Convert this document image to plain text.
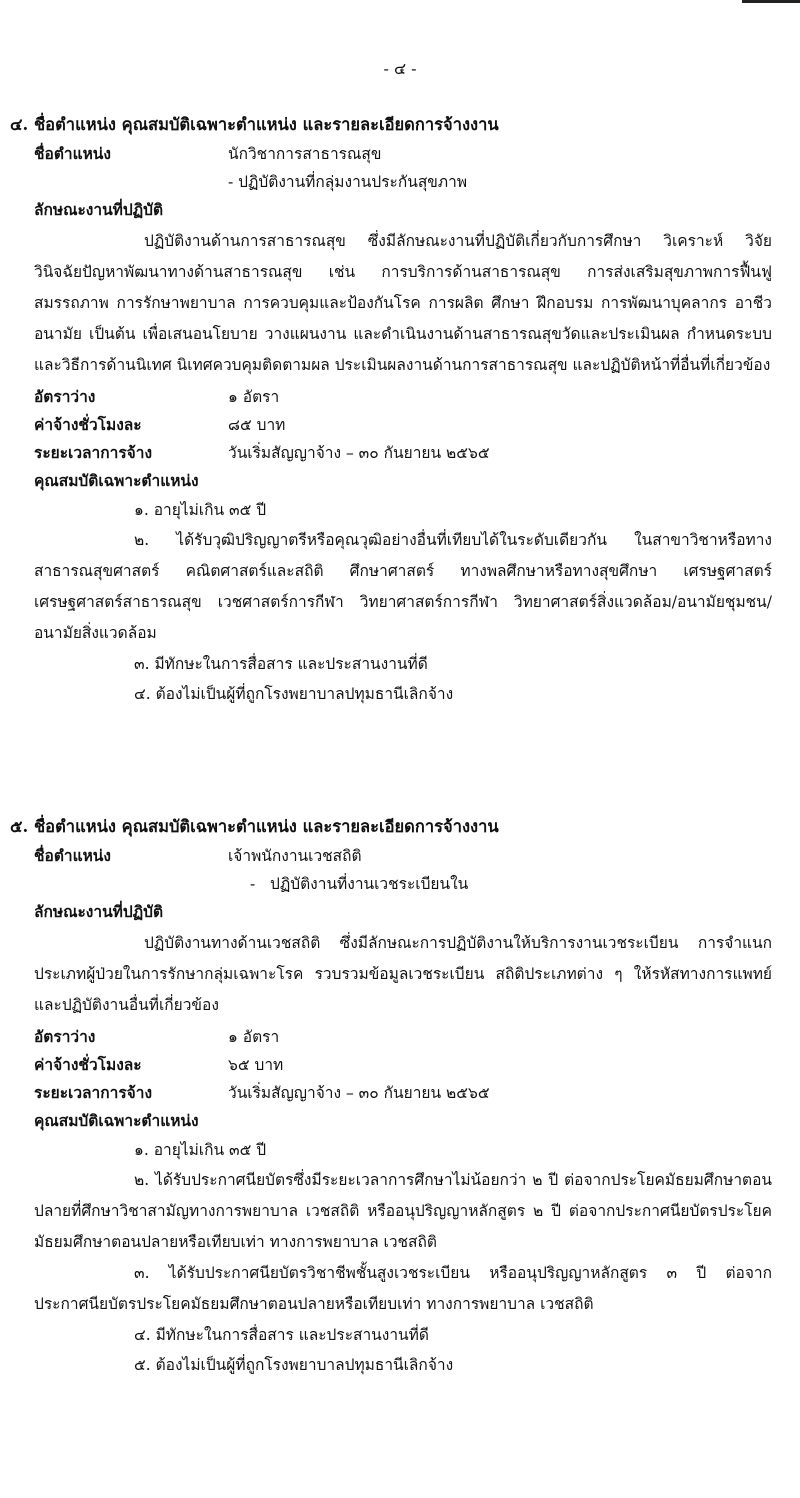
- ๔ -
๔. ชื่อตำแหน่ง คุณสมบัติเฉพาะตำแหน่ง และรายละเอียดการจ้างงาน
ชื่อตำแหน่ง	นักวิชาการสาธารณสุข
- ปฏิบัติงานที่กลุ่มงานประกันสุขภาพ
ลักษณะงานที่ปฏิบัติ
ปฏิบัติงานด้านการสาธารณสุข ซึ่งมีลักษณะงานที่ปฏิบัติเกี่ยวกับการศึกษา วิเคราะห์ วิจัย วินิจฉัยปัญหาพัฒนาทางด้านสาธารณสุข เช่น การบริการด้านสาธารณสุข การส่งเสริมสุขภาพการฟื้นฟูสมรรถภาพ การรักษาพยาบาล การควบคุมและป้องกันโรค การผลิต ศึกษา ฝึกอบรม การพัฒนาบุคลากร อาชีวอนามัย เป็นต้น เพื่อเสนอนโยบาย วางแผนงาน และดำเนินงานด้านสาธารณสุขวัดและประเมินผล กำหนดระบบและวิธีการด้านนิเทศ นิเทศควบคุมติดตามผล ประเมินผลงานด้านการสาธารณสุข และปฏิบัติหน้าที่อื่นที่เกี่ยวข้อง
อัตราว่าง	๑ อัตรา
ค่าจ้างชั่วโมงละ	๘๕ บาท
ระยะเวลาการจ้าง	วันเริ่มสัญญาจ้าง – ๓๐ กันยายน ๒๕๖๕
คุณสมบัติเฉพาะตำแหน่ง
๑. อายุไม่เกิน ๓๕ ปี
๒. ได้รับวุฒิปริญญาตรีหรือคุณวุฒิอย่างอื่นที่เทียบได้ในระดับเดียวกัน ในสาขาวิชาหรือทางสาธารณสุขศาสตร์ คณิตศาสตร์และสถิติ ศึกษาศาสตร์ ทางพลศึกษาหรือทางสุขศึกษา เศรษฐศาสตร์ เศรษฐศาสตร์สาธารณสุข เวชศาสตร์การกีฬา วิทยาศาสตร์การกีฬา วิทยาศาสตร์สิ่งแวดล้อม/อนามัยชุมชน/อนามัยสิ่งแวดล้อม
๓. มีทักษะในการสื่อสาร และประสานงานที่ดี
๔. ต้องไม่เป็นผู้ที่ถูกโรงพยาบาลปทุมธานีเลิกจ้าง
๕. ชื่อตำแหน่ง คุณสมบัติเฉพาะตำแหน่ง และรายละเอียดการจ้างงาน
ชื่อตำแหน่ง	เจ้าพนักงานเวชสถิติ
-   ปฏิบัติงานที่งานเวชระเบียนใน
ลักษณะงานที่ปฏิบัติ
ปฏิบัติงานทางด้านเวชสถิติ ซึ่งมีลักษณะการปฏิบัติงานให้บริการงานเวชระเบียน การจำแนก ประเภทผู้ป่วยในการรักษากลุ่มเฉพาะโรค รวบรวมข้อมูลเวชระเบียน สถิติประเภทต่าง ๆ ให้รหัสทางการแพทย์ และปฏิบัติงานอื่นที่เกี่ยวข้อง
อัตราว่าง	๑ อัตรา
ค่าจ้างชั่วโมงละ	๖๕ บาท
ระยะเวลาการจ้าง	วันเริ่มสัญญาจ้าง – ๓๐ กันยายน ๒๕๖๕
คุณสมบัติเฉพาะตำแหน่ง
๑. อายุไม่เกิน ๓๕ ปี
๒. ได้รับประกาศนียบัตรซึ่งมีระยะเวลาการศึกษาไม่น้อยกว่า ๒ ปี ต่อจากประโยคมัธยมศึกษาตอนปลายที่ศึกษาวิชาสามัญทางการพยาบาล เวชสถิติ หรืออนุปริญญาหลักสูตร ๒ ปี ต่อจากประกาศนียบัตรประโยคมัธยมศึกษาตอนปลายหรือเทียบเท่า ทางการพยาบาล เวชสถิติ
๓. ได้รับประกาศนียบัตรวิชาชีพชั้นสูงเวชระเบียน หรืออนุปริญญาหลักสูตร ๓ ปี ต่อจากประกาศนียบัตรประโยคมัธยมศึกษาตอนปลายหรือเทียบเท่า ทางการพยาบาล เวชสถิติ
๔. มีทักษะในการสื่อสาร และประสานงานที่ดี
๕. ต้องไม่เป็นผู้ที่ถูกโรงพยาบาลปทุมธานีเลิกจ้าง
